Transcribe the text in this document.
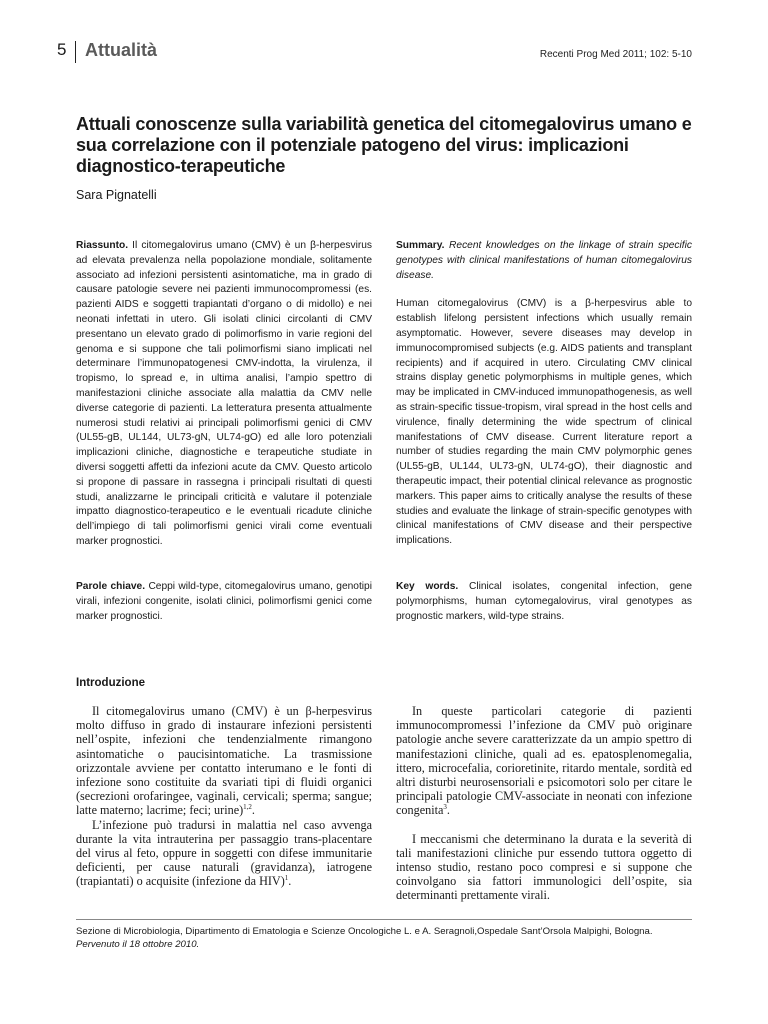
5 Attualità	Recenti Prog Med 2011; 102: 5-10
Attuali conoscenze sulla variabilità genetica del citomegalovirus umano e sua correlazione con il potenziale patogeno del virus: implicazioni diagnostico-terapeutiche
Sara Pignatelli

Riassunto. Il citomegalovirus umano (CMV) è un β-herpesvirus ad elevata prevalenza nella popolazione mondiale, solitamente associato ad infezioni persistenti asintomatiche, ma in grado di causare patologie severe nei pazienti immunocompromessi (es. pazienti AIDS e soggetti trapiantati d’organo o di midollo) e nei neonati infettati in utero. Gli isolati clinici circolanti di CMV presentano un elevato grado di polimorfismo in varie regioni del genoma e si suppone che tali polimorfismi siano implicati nel determinare l’immunopatogenesi CMV-indotta, la virulenza, il tropismo, lo spread e, in ultima analisi, l’ampio spettro di manifestazioni cliniche associate alla malattia da CMV nelle diverse categorie di pazienti. La letteratura presenta attualmente numerosi studi relativi ai principali polimorfismi genici di CMV (UL55-gB, UL144, UL73-gN, UL74-gO) ed alle loro potenziali implicazioni cliniche, diagnostiche e terapeutiche studiate in diversi soggetti affetti da infezioni acute da CMV. Questo articolo si propone di passare in rassegna i principali risultati di questi studi, analizzarne le principali criticità e valutare il potenziale impatto diagnostico-terapeutico e le eventuali ricadute cliniche dell’impiego di tali polimorfismi genici virali come eventuali marker prognostici.

Summary. Recent knowledges on the linkage of strain specific genotypes with clinical manifestations of human citomegalovirus disease.

Human citomegalovirus (CMV) is a β-herpesvirus able to establish lifelong persistent infections which usually remain asymptomatic. However, severe diseases may develop in immunocompromised subjects (e.g. AIDS patients and transplant recipients) and if acquired in utero. Circulating CMV clinical strains display genetic polymorphisms in multiple genes, which may be implicated in CMV-induced immunopathogenesis, as well as strain-specific tissue-tropism, viral spread in the host cells and virulence, finally determining the wide spectrum of clinical manifestations of CMV disease. Current literature report a number of studies regarding the main CMV polymorphic genes (UL55-gB, UL144, UL73-gN, UL74-gO), their diagnostic and therapeutic impact, their potential clinical relevance as prognostic markers. This paper aims to critically analyse the results of these studies and evaluate the linkage of strain-specific genotypes with clinical manifestations of CMV disease and their perspective implications.

Parole chiave. Ceppi wild-type, citomegalovirus umano, genotipi virali, infezioni congenite, isolati clinici, polimorfismi genici come marker prognostici.
Key words. Clinical isolates, congenital infection, gene polymorphisms, human cytomegalovirus, viral genotypes as prognostic markers, wild-type strains.
Introduzione

Il citomegalovirus umano (CMV) è un β-herpesvirus molto diffuso in grado di instaurare infezioni persistenti nell’ospite, infezioni che tendenzialmente rimangono asintomatiche o paucisintomatiche. La trasmissione orizzontale avviene per contatto interumano e le fonti di infezione sono costituite da svariati tipi di fluidi organici (secrezioni orofaringee, vaginali, cervicali; sperma; sangue; latte materno; lacrime; feci; urine)$^{1,2}$.

L’infezione può tradursi in malattia nel caso avvenga durante la vita intrauterina per passaggio trans-placentare del virus al feto, oppure in soggetti con difese immunitarie deficienti, per cause naturali (gravidanza), iatrogene (trapiantati) o acquisite (infezione da HIV)$^1$.

In queste particolari categorie di pazienti immunocompromessi l’infezione da CMV può originare patologie anche severe caratterizzate da un ampio spettro di manifestazioni cliniche, quali ad es. epatosplenomegalia, ittero, microcefalia, corioretinite, ritardo mentale, sordità ed altri disturbi neurosensoriali e psicomotori solo per citare le principali patologie CMV-associate in neonati con infezione congenita$^3$.

I meccanismi che determinano la durata e la severità di tali manifestazioni cliniche pur essendo tuttora oggetto di intenso studio, restano poco compresi e si suppone che coinvolgano sia fattori immunologici dell’ospite, sia determinanti prettamente virali.

Sezione di Microbiologia, Dipartimento di Ematologia e Scienze Oncologiche L. e A. Seragnoli,Ospedale Sant’Orsola Malpighi, Bologna.
Pervenuto il 18 ottobre 2010.
